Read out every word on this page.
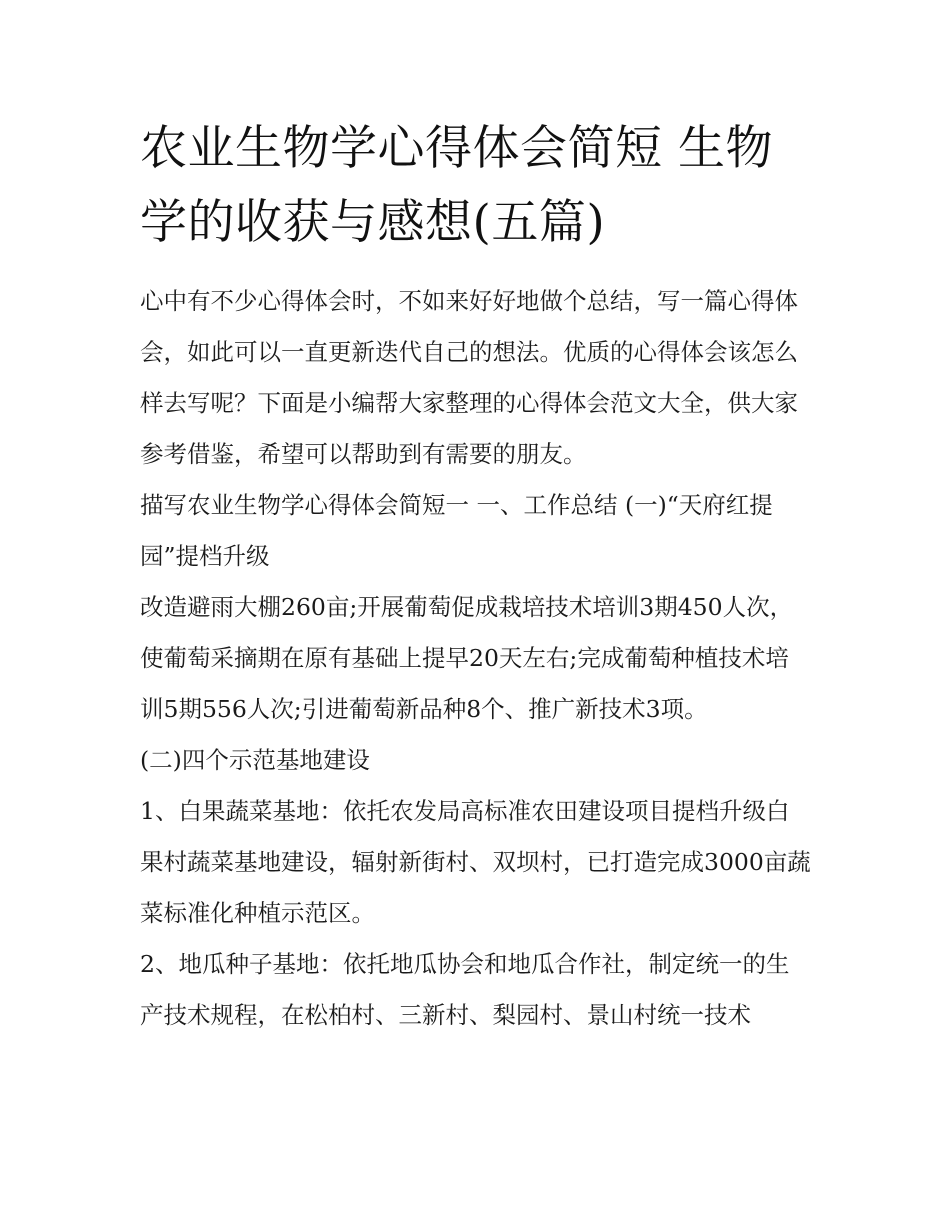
农业生物学心得体会简短 生物学的收获与感想(五篇)

心中有不少心得体会时，不如来好好地做个总结，写一篇心得体会，如此可以一直更新迭代自己的想法。优质的心得体会该怎么样去写呢？下面是小编帮大家整理的心得体会范文大全，供大家参考借鉴，希望可以帮助到有需要的朋友。

描写农业生物学心得体会简短一 一、工作总结 (一)“天府红提园”提档升级

改造避雨大棚260亩;开展葡萄促成栽培技术培训3期450人次，使葡萄采摘期在原有基础上提早20天左右;完成葡萄种植技术培训5期556人次;引进葡萄新品种8个、推广新技术3项。

(二)四个示范基地建设

1、白果蔬菜基地：依托农发局高标准农田建设项目提档升级白果村蔬菜基地建设，辐射新街村、双坝村，已打造完成3000亩蔬菜标准化种植示范区。

2、地瓜种子基地：依托地瓜协会和地瓜合作社，制定统一的生产技术规程，在松柏村、三新村、梨园村、景山村统一技术
